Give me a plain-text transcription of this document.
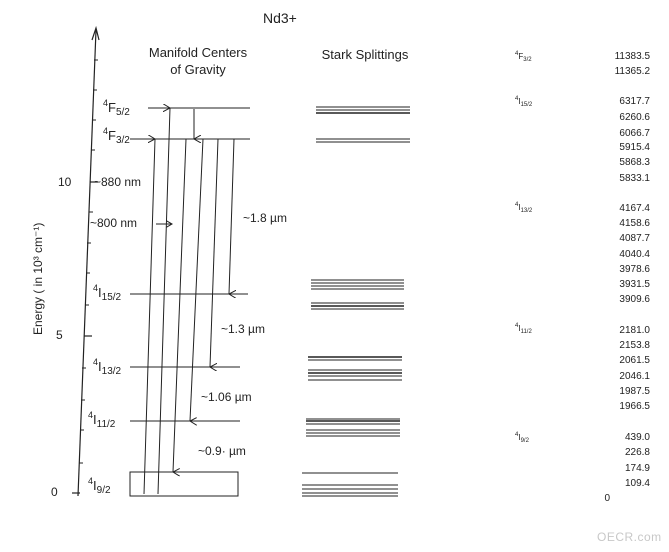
Nd3+
Manifold Centers
of Gravity
Stark Splittings
Energy ( in 10³ cm⁻¹)
0
5
10
$^4F_{5/2}$
$^4F_{3/2}$
$^4I_{15/2}$
$^4I_{13/2}$
$^4I_{11/2}$
$^4I_{9/2}$
~880 nm
~800 nm	~1.8 µm
~1.3 µm
~1.06 µm
~0.9· µm
$^4F_{3/2}$
$^4I_{15/2}$
$^4I_{13/2}$
$^4I_{11/2}$
$^4I_{9/2}$
11383.5
11365.2
6317.7
6260.6
6066.7
5915.4
5868.3
5833.1
4167.4
4158.6
4087.7
4040.4
3978.6
3931.5
3909.6
2181.0
2153.8
2061.5
2046.1
1987.5
1966.5
439.0
226.8
174.9
109.4
0
OECR.com
